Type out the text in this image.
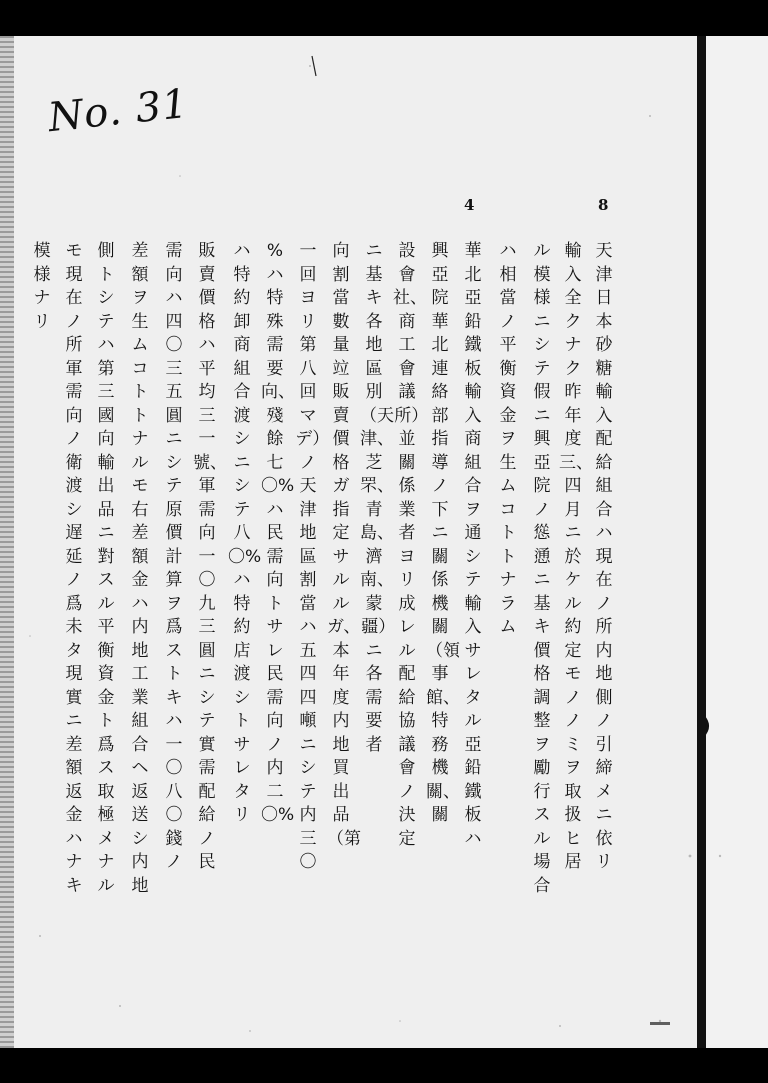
No. 31
4	8
天津日本砂糖輸入配給組合ハ現在ノ所内地側ノ引締メニ依リ
輸入全クナク昨年度三、四月ニ於ケル約定モノノミヲ取扱ヒ居
ル模様ニシテ假ニ興亞院ノ慫慂ニ基キ價格調整ヲ勵行スル場合
ハ相當ノ平衡資金ヲ生ムコトトナラム
華北亞鉛鐵板輸入商組合ヲ通シテ輸入サレタル亞鉛鐵板ハ
興亞院華北連絡部指導ノ下ニ關係機關（領事館、特務機關、關
設會社、商工會議所）並關係業者ヨリ成レル配給協議會ノ決定
ニ基キ各地區別（天津、芝罘、青島、濟南、蒙疆）ニ各需要者
向割當數量竝販賣價格ガ指定サルルガ、本年度内地買出品（第
一回ヨリ第八回マデ）ノ天津地區割當ハ五四四噸ニシテ内三〇
%ハ特殊需要向、殘餘七〇%ハ民需向トサレ民需向ノ内二〇%
ハ特約卸商組合渡シニシテ八〇%ハ特約店渡シトサレタリ
販賣價格ハ平均三一號、軍需向一〇九三圓ニシテ實需配給ノ民
需向ハ四〇三五圓ニシテ原價計算ヲ爲ストキハ一〇八〇錢ノ
差額ヲ生ムコトトナルモ右差額金ハ内地工業組合ヘ返送シ内地
側トシテハ第三國向輸出品ニ對スル平衡資金ト爲ス取極メナル
モ現在ノ所軍需向ノ衛渡シ遅延ノ爲未タ現實ニ差額返金ハナキ
模様ナリ
